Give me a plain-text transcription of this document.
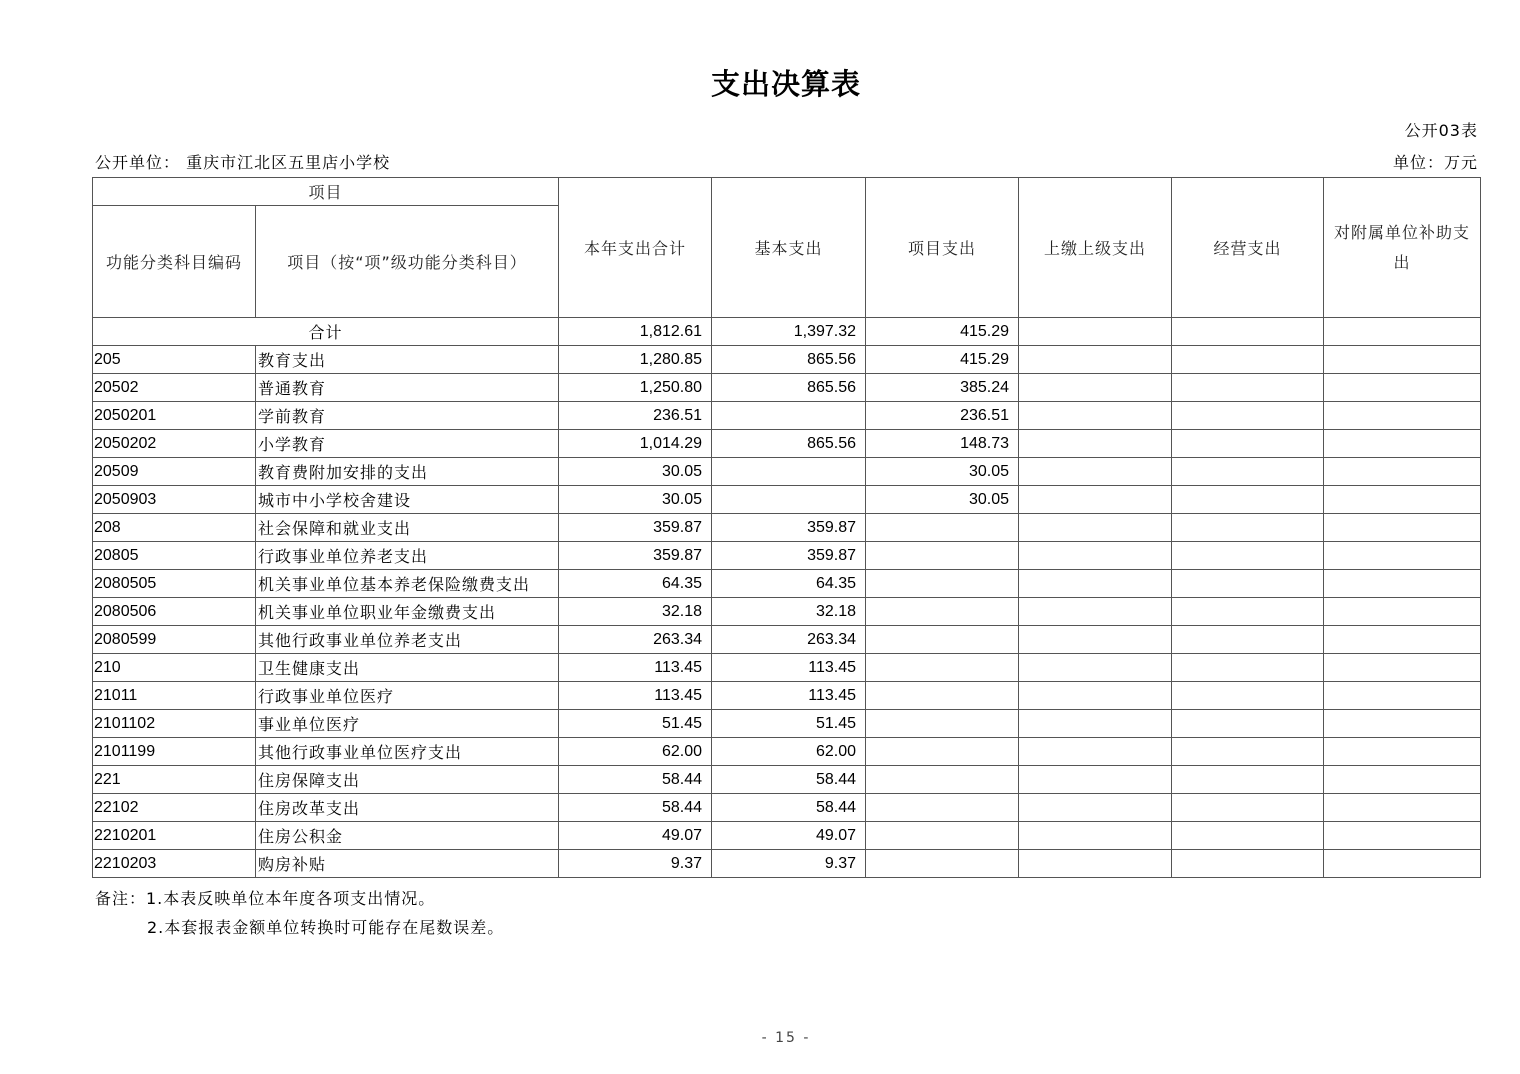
支出决算表
公开03表
公开单位： 重庆市江北区五里店小学校	单位：万元
项目		本年支出合计	基本支出	项目支出	上缴上级支出	经营支出	对附属单位补助支出
功能分类科目编码	项目（按“项”级功能分类科目）						
合计		1,812.61	1,397.32	415.29			
205	教育支出	1,280.85	865.56	415.29			
20502	普通教育	1,250.80	865.56	385.24			
2050201	学前教育	236.51		236.51			
2050202	小学教育	1,014.29	865.56	148.73			
20509	教育费附加安排的支出	30.05		30.05			
2050903	城市中小学校舍建设	30.05		30.05			
208	社会保障和就业支出	359.87	359.87				
20805	行政事业单位养老支出	359.87	359.87				
2080505	机关事业单位基本养老保险缴费支出	64.35	64.35				
2080506	机关事业单位职业年金缴费支出	32.18	32.18				
2080599	其他行政事业单位养老支出	263.34	263.34				
210	卫生健康支出	113.45	113.45				
21011	行政事业单位医疗	113.45	113.45				
2101102	事业单位医疗	51.45	51.45				
2101199	其他行政事业单位医疗支出	62.00	62.00				
221	住房保障支出	58.44	58.44				
22102	住房改革支出	58.44	58.44				
2210201	住房公积金	49.07	49.07				
2210203	购房补贴	9.37	9.37				
备注：1.本表反映单位本年度各项支出情况。
2.本套报表金额单位转换时可能存在尾数误差。
- 15 -
